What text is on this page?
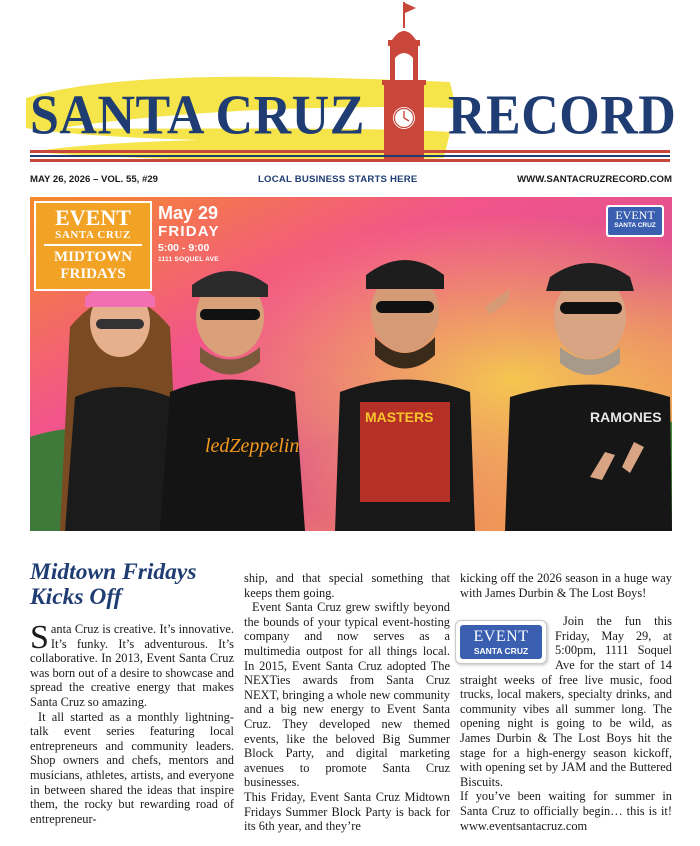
SANTA CRUZ RECORD
MAY 26, 2026 – VOL. 55, #29	LOCAL BUSINESS STARTS HERE	WWW.SANTACRUZRECORD.COM
ledZeppelin
MASTERS	RAMONES
EVENT
SANTA CRUZ
MIDTOWN
FRIDAYS
May 29
FRIDAY
5:00 - 9:00
1111 SOQUEL AVE
EVENT
SANTA CRUZ
Midtown Fridays Kicks Off

Santa Cruz is creative. It’s innovative. It’s funky. It’s adventurous. It’s collaborative. In 2013, Event Santa Cruz was born out of a desire to showcase and spread the creative energy that makes Santa Cruz so amazing.

It all started as a monthly lightning-talk event series featuring local entrepreneurs and community leaders. Shop owners and chefs, mentors and musicians, athletes, artists, and everyone in between shared the ideas that inspire them, the rocky but rewarding road of entrepreneur-

ship, and that special something that keeps them going.

Event Santa Cruz grew swiftly beyond the bounds of your typical event-hosting company and now serves as a multimedia outpost for all things local. In 2015, Event Santa Cruz adopted The NEXTies awards from Santa Cruz NEXT, bringing a whole new community and a big new energy to Event Santa Cruz. They developed new themed events, like the beloved Big Summer Block Party, and digital marketing avenues to promote Santa Cruz businesses.

This Friday, Event Santa Cruz Midtown Fridays Summer Block Party is back for its 6th year, and they’re

kicking off the 2026 season in a huge way with James Durbin & The Lost Boys!

EVENT
SANTA CRUZ

Join the fun this Friday, May 29, at 5:00pm, 1111 Soquel Ave for the start of 14 straight weeks of free live music, food trucks, local makers, specialty drinks, and community vibes all summer long. The opening night is going to be wild, as James Durbin & The Lost Boys hit the stage for a high-energy season kickoff, with opening set by JAM and the Buttered Biscuits.

If you’ve been waiting for summer in Santa Cruz to officially begin… this is it! www.eventsantacruz.com
